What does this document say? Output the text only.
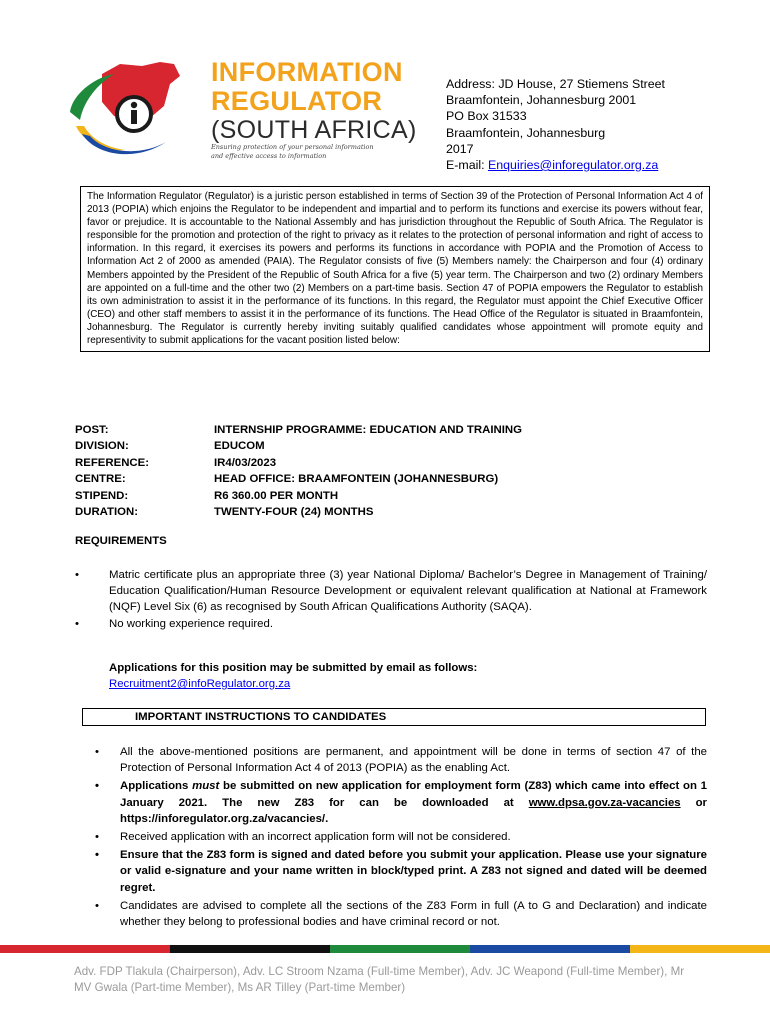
INFORMATION
REGULATOR
(SOUTH AFRICA)
Ensuring protection of your personal information
and effective access to information
Address: JD House, 27 Stiemens Street
Braamfontein, Johannesburg 2001
PO Box 31533
Braamfontein, Johannesburg
2017
E-mail: Enquiries@inforegulator.org.za
The Information Regulator (Regulator) is a juristic person established in terms of Section 39 of the Protection of Personal Information Act 4 of 2013 (POPIA) which enjoins the Regulator to be independent and impartial and to perform its functions and exercise its powers without fear, favor or prejudice. It is accountable to the National Assembly and has jurisdiction throughout the Republic of South Africa. The Regulator is responsible for the promotion and protection of the right to privacy as it relates to the protection of personal information and right of access to information. In this regard, it exercises its powers and performs its functions in accordance with POPIA and the Promotion of Access to Information Act 2 of 2000 as amended (PAIA). The Regulator consists of five (5) Members namely: the Chairperson and four (4) ordinary Members appointed by the President of the Republic of South Africa for a five (5) year term. The Chairperson and two (2) ordinary Members are appointed on a full-time and the other two (2) Members on a part-time basis. Section 47 of POPIA empowers the Regulator to establish its own administration to assist it in the performance of its functions. In this regard, the Regulator must appoint the Chief Executive Officer (CEO) and other staff members to assist it in the performance of its functions. The Head Office of the Regulator is situated in Braamfontein, Johannesburg. The Regulator is currently hereby inviting suitably qualified candidates whose appointment will promote equity and representivity to submit applications for the vacant position listed below:
POST:	INTERNSHIP PROGRAMME: EDUCATION AND TRAINING
DIVISION:	EDUCOM
REFERENCE:	IR4/03/2023
CENTRE:	HEAD OFFICE: BRAAMFONTEIN (JOHANNESBURG)
STIPEND:	R6 360.00 PER MONTH
DURATION:	TWENTY-FOUR (24) MONTHS
REQUIREMENTS
•	Matric certificate plus an appropriate three (3) year National Diploma/ Bachelor’s Degree in Management of Training/ Education Qualification/Human Resource Development or equivalent relevant qualification at National at Framework (NQF) Level Six (6) as recognised by South African Qualifications Authority (SAQA).
•	No working experience required.
Applications for this position may be submitted by email as follows:
Recruitment2@infoRegulator.org.za
IMPORTANT INSTRUCTIONS TO CANDIDATES
• All the above-mentioned positions are permanent, and appointment will be done in terms of section 47 of the Protection of Personal Information Act 4 of 2013 (POPIA) as the enabling Act.
• Applications must be submitted on new application for employment form (Z83) which came into effect on 1 January 2021. The new Z83 for can be downloaded at www.dpsa.gov.za-vacancies or https://inforegulator.org.za/vacancies/.
• Received application with an incorrect application form will not be considered.
• Ensure that the Z83 form is signed and dated before you submit your application. Please use your signature or valid e-signature and your name written in block/typed print. A Z83 not signed and dated will be deemed regret.
• Candidates are advised to complete all the sections of the Z83 Form in full (A to G and Declaration) and indicate whether they belong to professional bodies and have criminal record or not.
Adv. FDP Tlakula (Chairperson), Adv. LC Stroom Nzama (Full-time Member), Adv. JC Weapond (Full-time Member), Mr MV Gwala (Part-time Member), Ms AR Tilley (Part-time Member)
